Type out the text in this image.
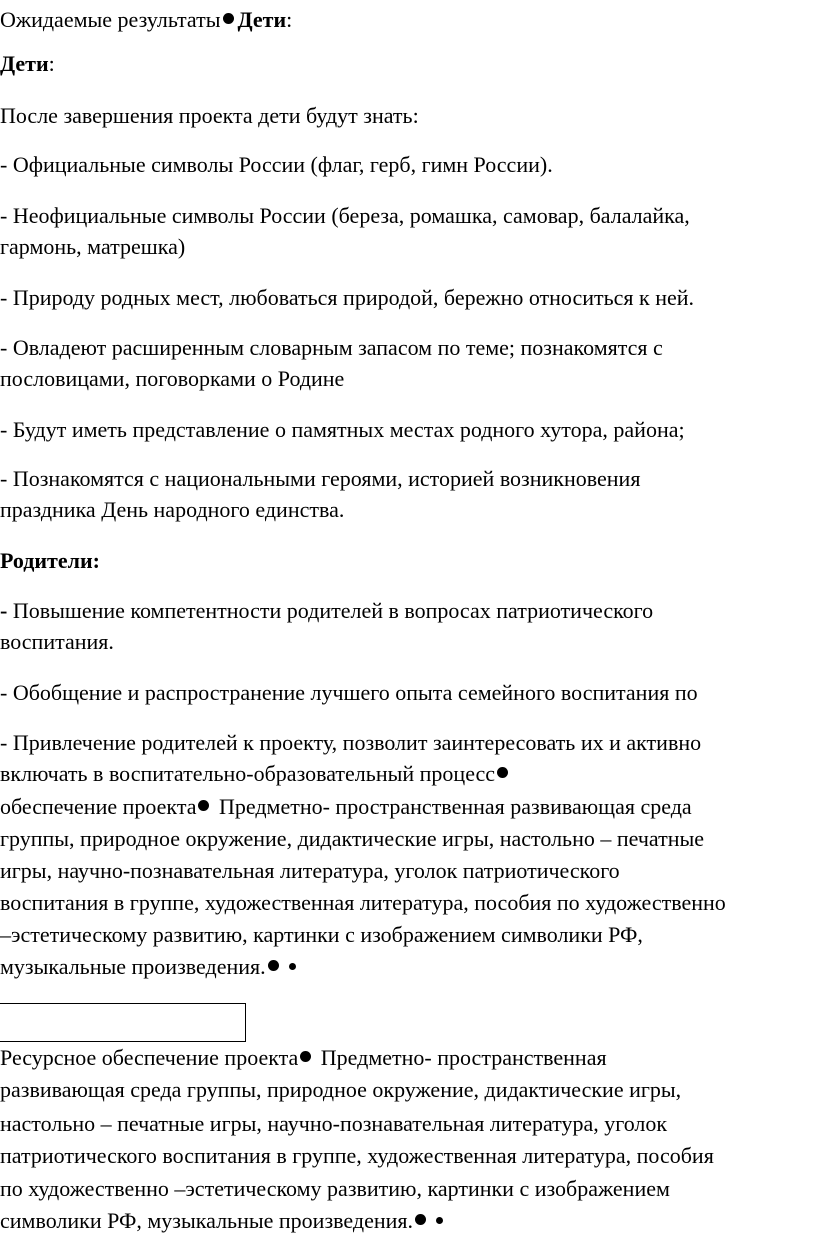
Ожидаемые результаты Дети:
Дети:
После завершения проекта дети будут знать:
- Официальные символы России (флаг, герб, гимн России).
- Неофициальные символы России (береза, ромашка, самовар, балалайка,
гармонь, матрешка)
- Природу родных мест, любоваться природой, бережно относиться к ней.
- Овладеют расширенным словарным запасом по теме; познакомятся с
пословицами, поговорками о Родине
- Будут иметь представление о памятных местах родного хутора, района;
- Познакомятся с национальными героями, историей возникновения
праздника День народного единства.
Родители:
- Повышение компетентности родителей в вопросах патриотического
воспитания.
- Обобщение и распространение лучшего опыта семейного воспитания по
- Привлечение родителей к проекту, позволит заинтересовать их и активно
включать в воспитательно-образовательный процесс
обеспечение проекта Предметно- пространственная развивающая среда
группы, природное окружение, дидактические игры, настольно – печатные
игры, научно-познавательная литература, уголок патриотического
воспитания в группе, художественная литература, пособия по художественно
–эстетическому развитию, картинки с изображением символики РФ,
музыкальные произведения.
Ресурсное обеспечение проекта Предметно- пространственная
развивающая среда группы, природное окружение, дидактические игры,
настольно – печатные игры, научно-познавательная литература, уголок
патриотического воспитания в группе, художественная литература, пособия
по художественно –эстетическому развитию, картинки с изображением
символики РФ, музыкальные произведения.
